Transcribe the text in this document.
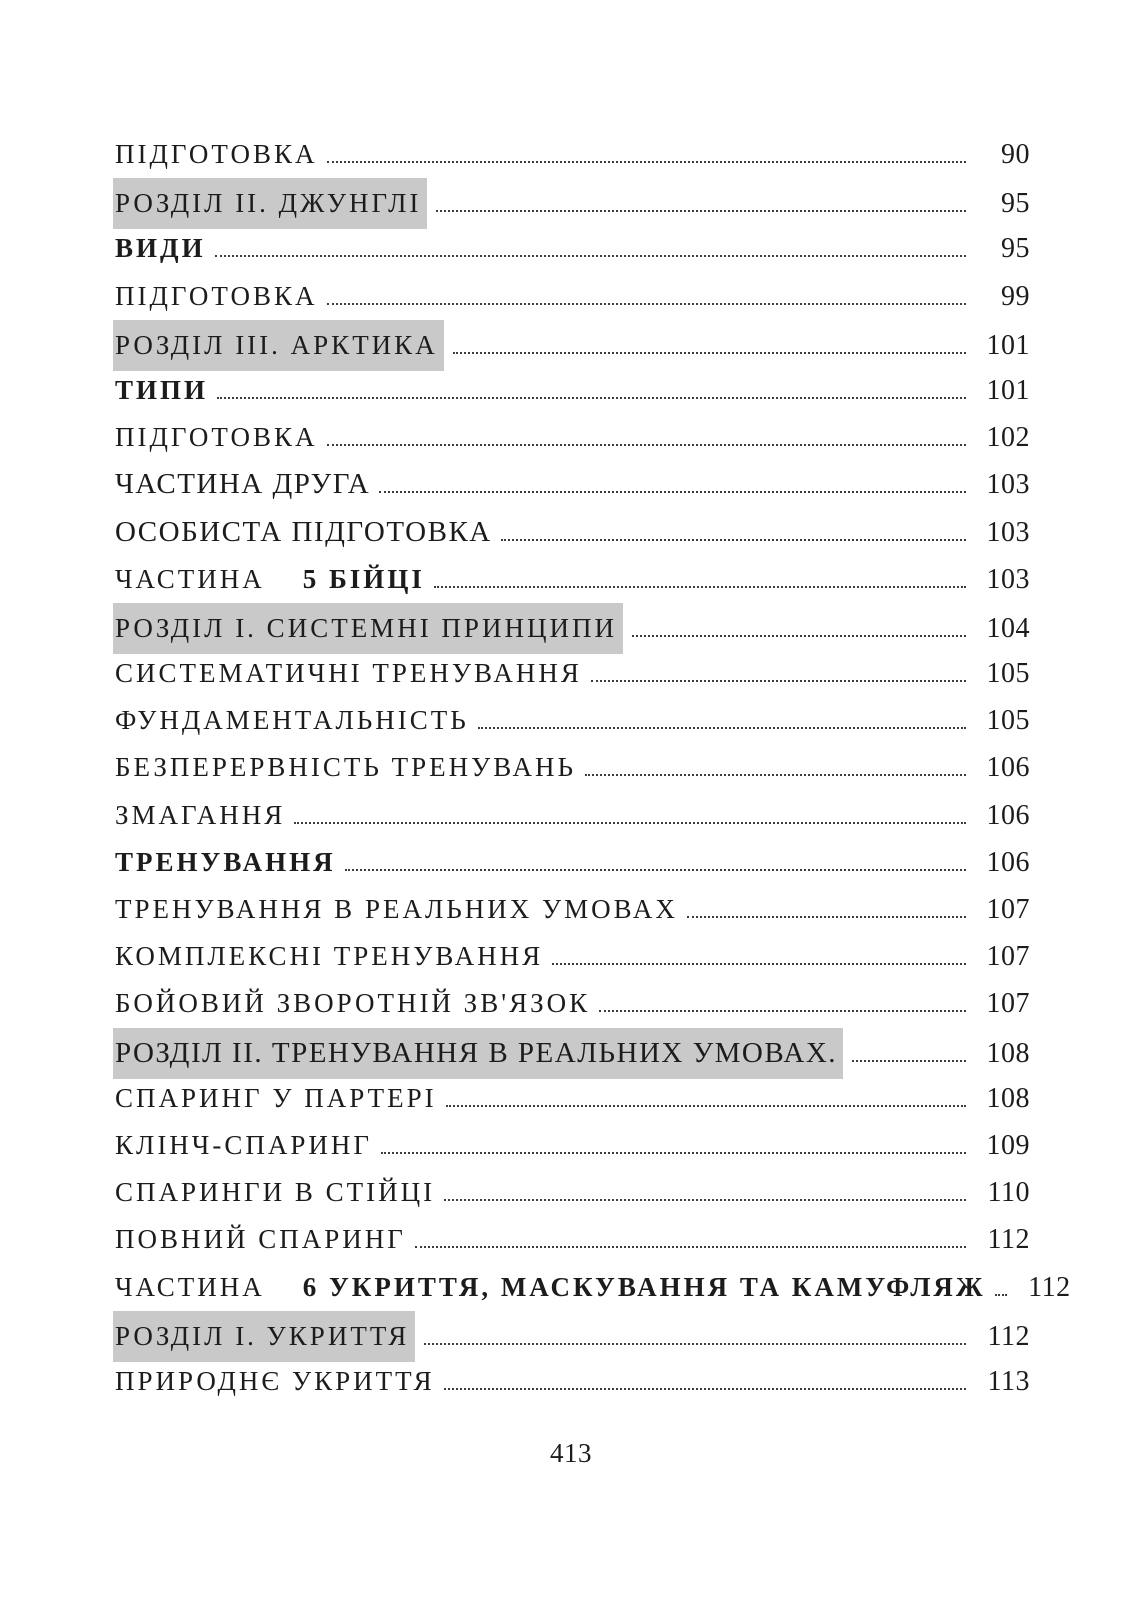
ПІДГОТОВКА	90
РОЗДІЛ ІІ. ДЖУНГЛІ	95
ВИДИ	95
ПІДГОТОВКА	99
РОЗДІЛ ІІІ. АРКТИКА	101
ТИПИ	101
ПІДГОТОВКА	102
ЧАСТИНА ДРУГА	103
ОСОБИСТА ПІДГОТОВКА	103
ЧАСТИНА 5 БІЙЦІ	103
РОЗДІЛ І. СИСТЕМНІ ПРИНЦИПИ	104
СИСТЕМАТИЧНІ ТРЕНУВАННЯ	105
ФУНДАМЕНТАЛЬНІСТЬ	105
БЕЗПЕРЕРВНІСТЬ ТРЕНУВАНЬ	106
ЗМАГАННЯ	106
ТРЕНУВАННЯ	106
ТРЕНУВАННЯ В РЕАЛЬНИХ УМОВАХ	107
КОМПЛЕКСНІ ТРЕНУВАННЯ	107
БОЙОВИЙ ЗВОРОТНІЙ ЗВ'ЯЗОК	107
РОЗДІЛ ІІ. ТРЕНУВАННЯ В РЕАЛЬНИХ УМОВАХ.	108
СПАРИНГ У ПАРТЕРІ	108
КЛІНЧ-СПАРИНГ	109
СПАРИНГИ В СТІЙЦІ	110
ПОВНИЙ СПАРИНГ	112
ЧАСТИНА 6 УКРИТТЯ, МАСКУВАННЯ ТА КАМУФЛЯЖ	112
РОЗДІЛ І. УКРИТТЯ	112
ПРИРОДНЄ УКРИТТЯ	113
413
